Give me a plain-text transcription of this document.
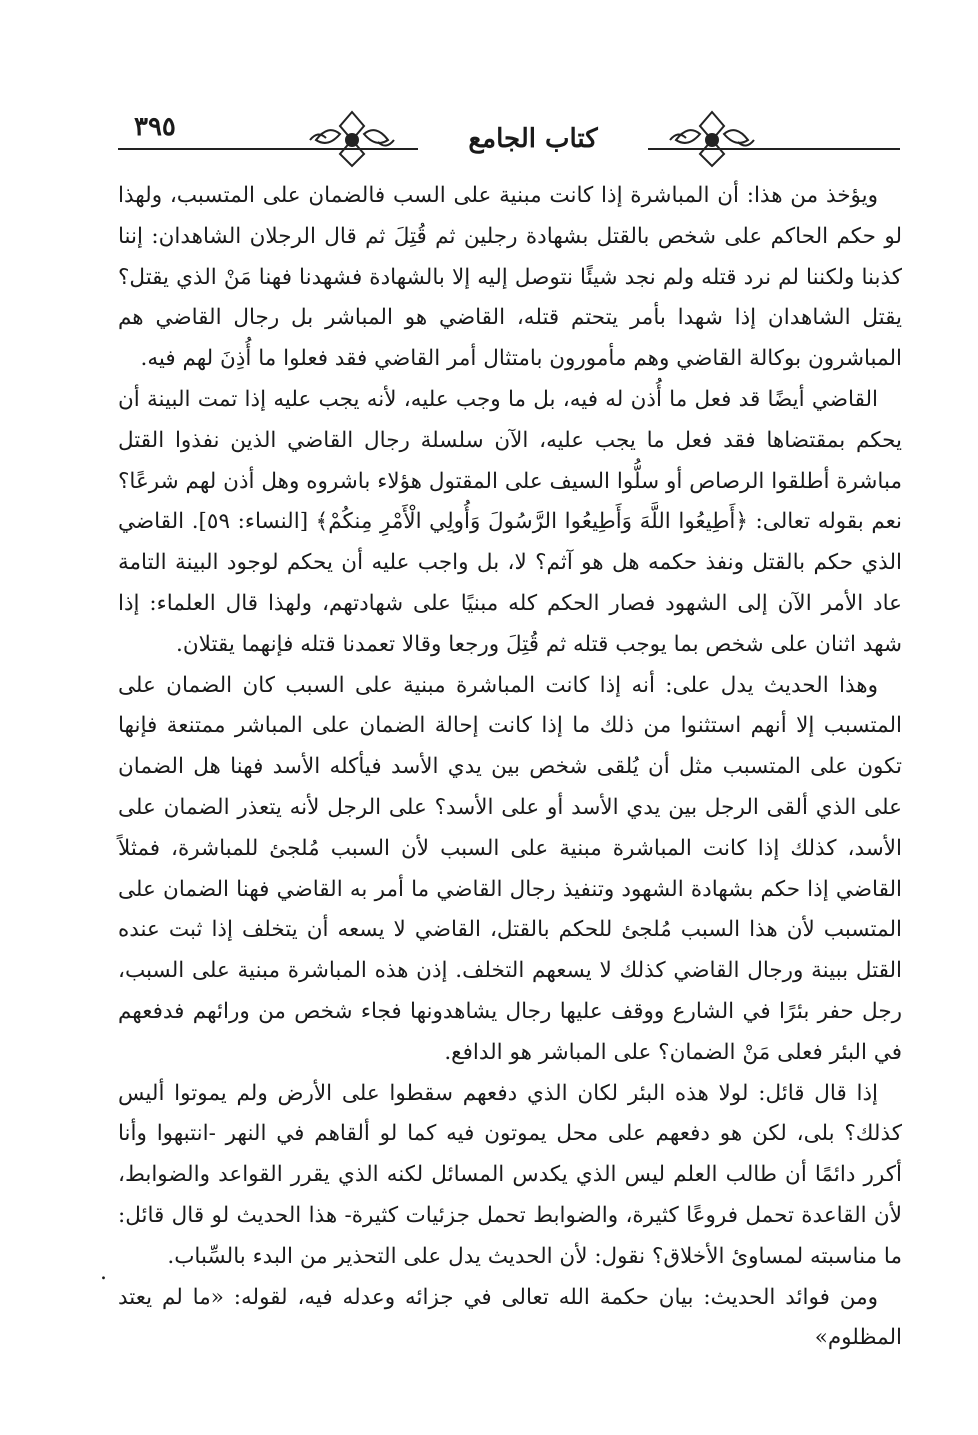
كتاب الجامع
٣٩٥

ويؤخذ من هذا: أن المباشرة إذا كانت مبنية على السب فالضمان على المتسبب، ولهذا لو حكم الحاكم على شخص بالقتل بشهادة رجلين ثم قُتِلَ ثم قال الرجلان الشاهدان: إننا كذبنا ولكننا لم نرد قتله ولم نجد شيئًا نتوصل إليه إلا بالشهادة فشهدنا فهنا مَنْ الذي يقتل؟ يقتل الشاهدان إذا شهدا بأمر يتحتم قتله، القاضي هو المباشر بل رجال القاضي هم المباشرون بوكالة القاضي وهم مأمورون بامتثال أمر القاضي فقد فعلوا ما أُذِنَ لهم فيه.

القاضي أيضًا قد فعل ما أُذن له فيه، بل ما وجب عليه، لأنه يجب عليه إذا تمت البينة أن يحكم بمقتضاها فقد فعل ما يجب عليه، الآن سلسلة رجال القاضي الذين نفذوا القتل مباشرة أطلقوا الرصاص أو سلُّوا السيف على المقتول هؤلاء باشروه وهل أذن لهم شرعًا؟ نعم بقوله تعالى: ﴿أَطِيعُوا اللَّهَ وَأَطِيعُوا الرَّسُولَ وَأُولِي الْأَمْرِ مِنكُمْ﴾ [النساء: ٥٩]. القاضي الذي حكم بالقتل ونفذ حكمه هل هو آثم؟ لا، بل واجب عليه أن يحكم لوجود البينة التامة عاد الأمر الآن إلى الشهود فصار الحكم كله مبنيًا على شهادتهم، ولهذا قال العلماء: إذا شهد اثنان على شخص بما يوجب قتله ثم قُتِلَ ورجعا وقالا تعمدنا قتله فإنهما يقتلان.

وهذا الحديث يدل على: أنه إذا كانت المباشرة مبنية على السبب كان الضمان على المتسبب إلا أنهم استثنوا من ذلك ما إذا كانت إحالة الضمان على المباشر ممتنعة فإنها تكون على المتسبب مثل أن يُلقى شخص بين يدي الأسد فيأكله الأسد فهنا هل الضمان على الذي ألقى الرجل بين يدي الأسد أو على الأسد؟ على الرجل لأنه يتعذر الضمان على الأسد، كذلك إذا كانت المباشرة مبنية على السبب لأن السبب مُلجئ للمباشرة، فمثلاً القاضي إذا حكم بشهادة الشهود وتنفيذ رجال القاضي ما أمر به القاضي فهنا الضمان على المتسبب لأن هذا السبب مُلجئ للحكم بالقتل، القاضي لا يسعه أن يتخلف إذا ثبت عنده القتل ببينة ورجال القاضي كذلك لا يسعهم التخلف. إذن هذه المباشرة مبنية على السبب، رجل حفر بئرًا في الشارع ووقف عليها رجال يشاهدونها فجاء شخص من ورائهم فدفعهم في البئر فعلى مَنْ الضمان؟ على المباشر هو الدافع.

إذا قال قائل: لولا هذه البئر لكان الذي دفعهم سقطوا على الأرض ولم يموتوا أليس كذلك؟ بلى، لكن هو دفعهم على محل يموتون فيه كما لو ألقاهم في النهر -انتبهوا وأنا أكرر دائمًا أن طالب العلم ليس الذي يكدس المسائل لكنه الذي يقرر القواعد والضوابط، لأن القاعدة تحمل فروعًا كثيرة، والضوابط تحمل جزئيات كثيرة- هذا الحديث لو قال قائل: ما مناسبته لمساوئ الأخلاق؟ نقول: لأن الحديث يدل على التحذير من البدء بالسِّباب.

ومن فوائد الحديث: بيان حكمة الله تعالى في جزائه وعدله فيه، لقوله: «ما لم يعتد المظلوم»

.
